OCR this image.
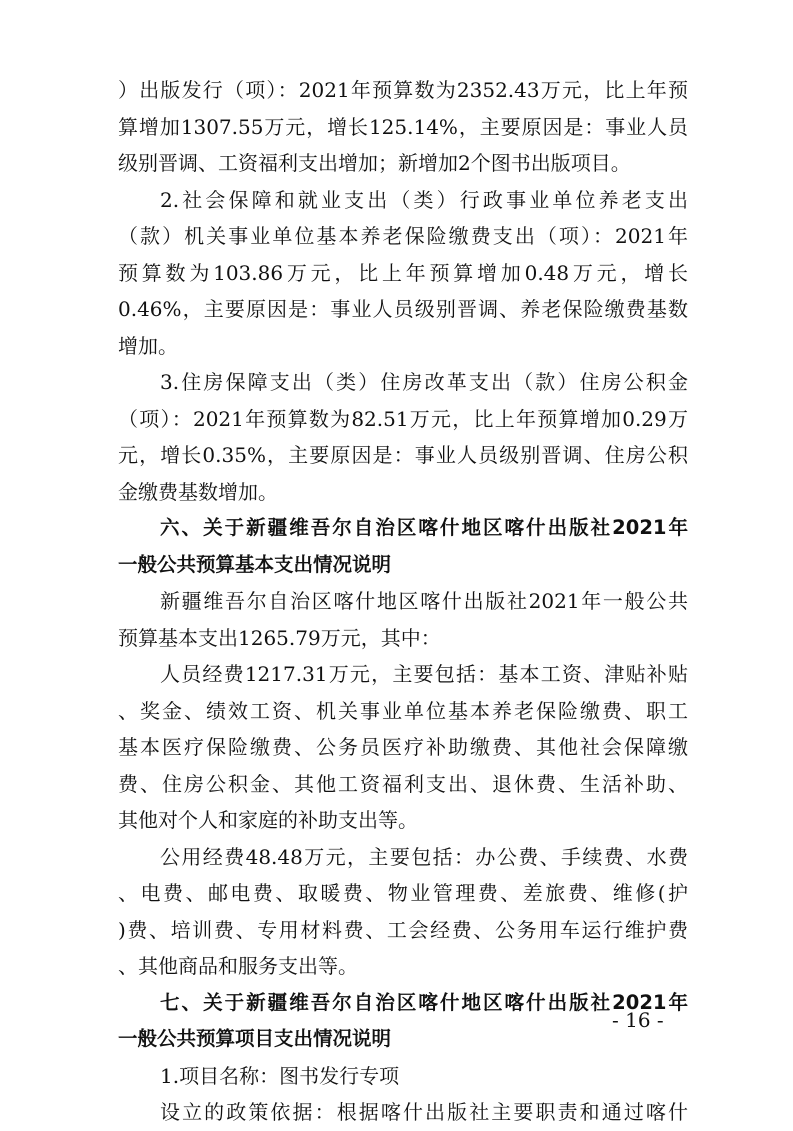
）出版发行（项）：2021年预算数为2352.43万元，比上年预
算增加1307.55万元，增长125.14%，主要原因是：事业人员
级别晋调、工资福利支出增加；新增加2个图书出版项目。
2.社会保障和就业支出（类）行政事业单位养老支出
（款）机关事业单位基本养老保险缴费支出（项）：2021年
预算数为103.86万元，比上年预算增加0.48万元，增长
0.46%，主要原因是：事业人员级别晋调、养老保险缴费基数
增加。
3.住房保障支出（类）住房改革支出（款）住房公积金
（项）：2021年预算数为82.51万元，比上年预算增加0.29万
元，增长0.35%，主要原因是：事业人员级别晋调、住房公积
金缴费基数增加。
六、关于新疆维吾尔自治区喀什地区喀什出版社2021年
一般公共预算基本支出情况说明
新疆维吾尔自治区喀什地区喀什出版社2021年一般公共
预算基本支出1265.79万元，其中：
人员经费1217.31万元，主要包括：基本工资、津贴补贴
、奖金、绩效工资、机关事业单位基本养老保险缴费、职工
基本医疗保险缴费、公务员医疗补助缴费、其他社会保障缴
费、住房公积金、其他工资福利支出、退休费、生活补助、
其他对个人和家庭的补助支出等。
公用经费48.48万元，主要包括：办公费、手续费、水费
、电费、邮电费、取暖费、物业管理费、差旅费、维修(护
)费、培训费、专用材料费、工会经费、公务用车运行维护费
、其他商品和服务支出等。
七、关于新疆维吾尔自治区喀什地区喀什出版社2021年
一般公共预算项目支出情况说明
1.项目名称：图书发行专项
设立的政策依据：根据喀什出版社主要职责和通过喀什
- 16 -
